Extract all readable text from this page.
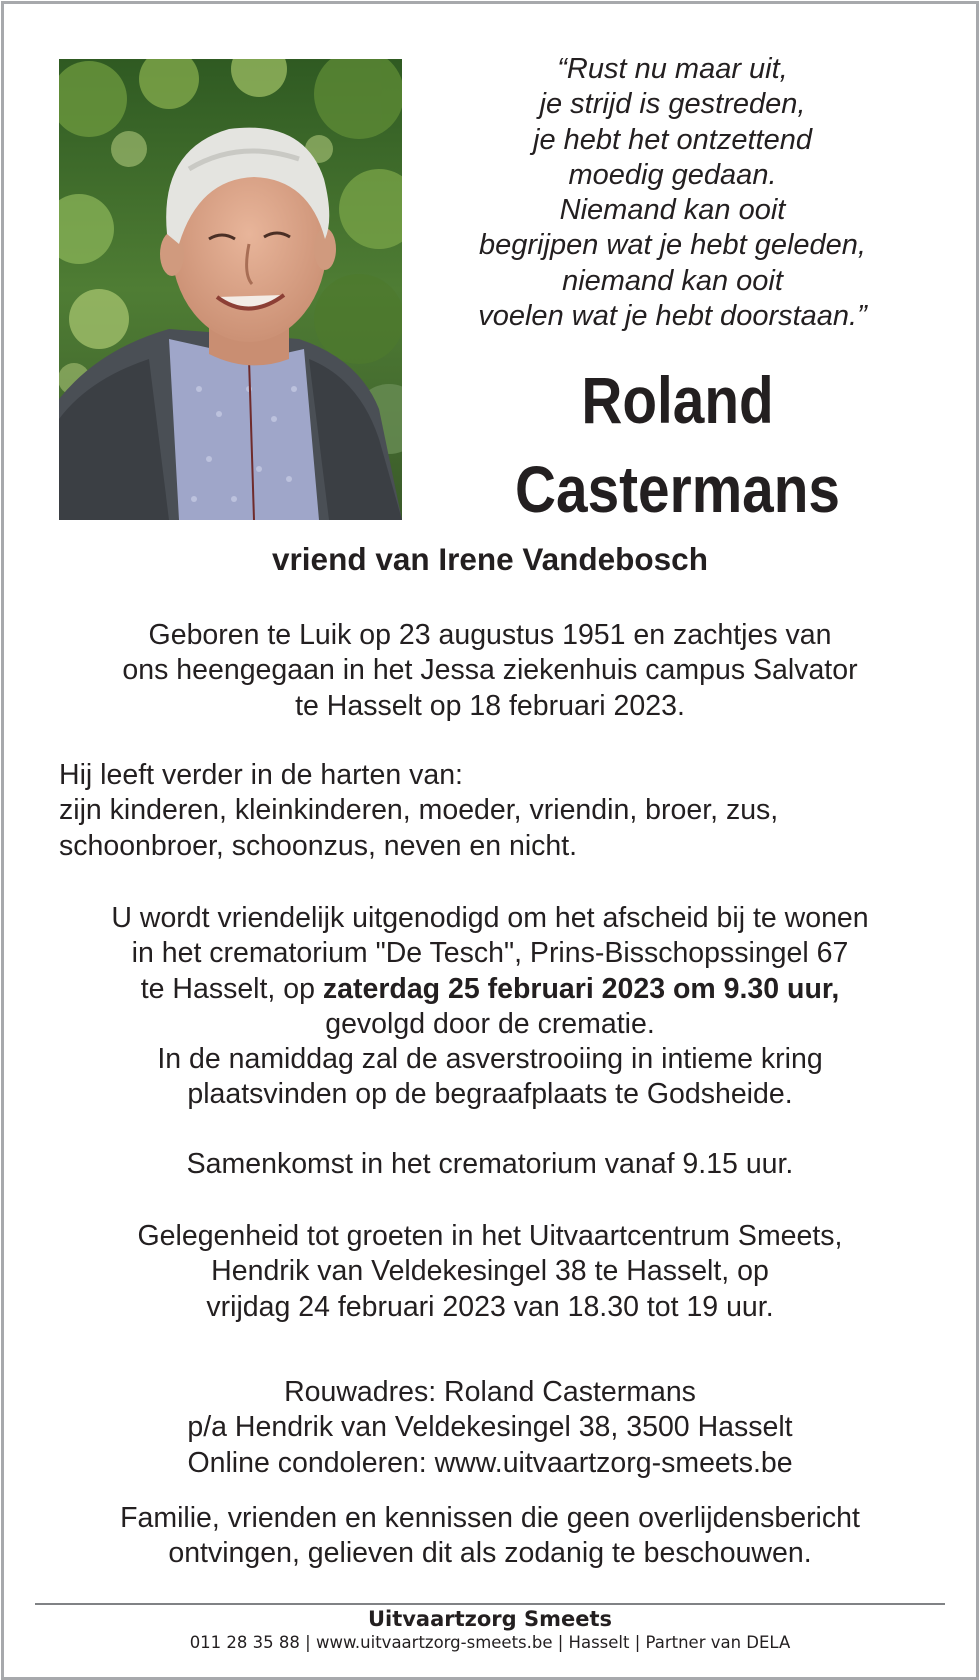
“Rust nu maar uit,
je strijd is gestreden,
je hebt het ontzettend
moedig gedaan.
Niemand kan ooit
begrijpen wat je hebt geleden,
niemand kan ooit
voelen wat je hebt doorstaan.”
Roland
Castermans
vriend van Irene Vandebosch
Geboren te Luik op 23 augustus 1951 en zachtjes van
ons heengegaan in het Jessa ziekenhuis campus Salvator
te Hasselt op 18 februari 2023.
Hij leeft verder in de harten van:
zijn kinderen, kleinkinderen, moeder, vriendin, broer, zus,
schoonbroer, schoonzus, neven en nicht.
U wordt vriendelijk uitgenodigd om het afscheid bij te wonen
in het crematorium "De Tesch", Prins-Bisschopssingel 67
te Hasselt, op zaterdag 25 februari 2023 om 9.30 uur,
gevolgd door de crematie.
In de namiddag zal de asverstrooiing in intieme kring
plaatsvinden op de begraafplaats te Godsheide.
Samenkomst in het crematorium vanaf 9.15 uur.
Gelegenheid tot groeten in het Uitvaartcentrum Smeets,
Hendrik van Veldekesingel 38 te Hasselt, op
vrijdag 24 februari 2023 van 18.30 tot 19 uur.
Rouwadres: Roland Castermans
p/a Hendrik van Veldekesingel 38, 3500 Hasselt
Online condoleren: www.uitvaartzorg-smeets.be
Familie, vrienden en kennissen die geen overlijdensbericht
ontvingen, gelieven dit als zodanig te beschouwen.
Uitvaartzorg Smeets
011 28 35 88 | www.uitvaartzorg-smeets.be | Hasselt | Partner van DELA
